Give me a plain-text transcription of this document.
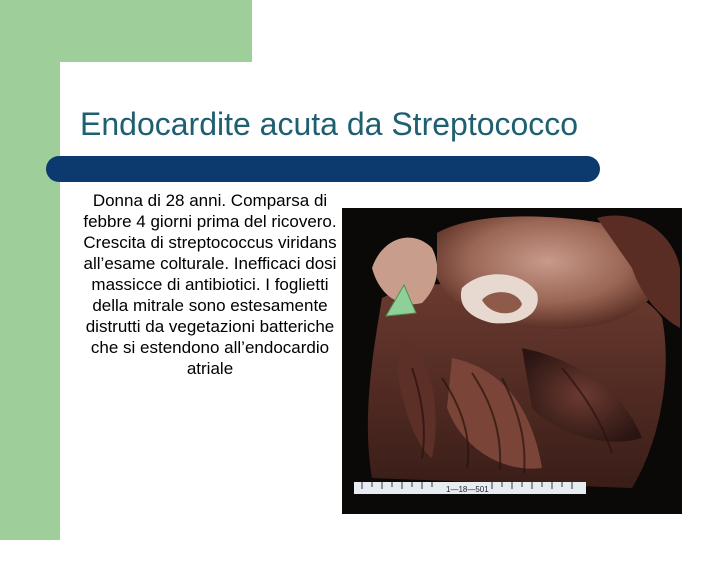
Endocardite acuta da Streptococco

Donna di 28 anni. Comparsa di febbre 4 giorni prima del ricovero. Crescita di streptococcus viridans all’esame colturale. Inefficaci dosi massicce di antibiotici. I foglietti della mitrale sono estesamente distrutti da vegetazioni batteriche che si estendono all’endocardio atriale

1—18—501
